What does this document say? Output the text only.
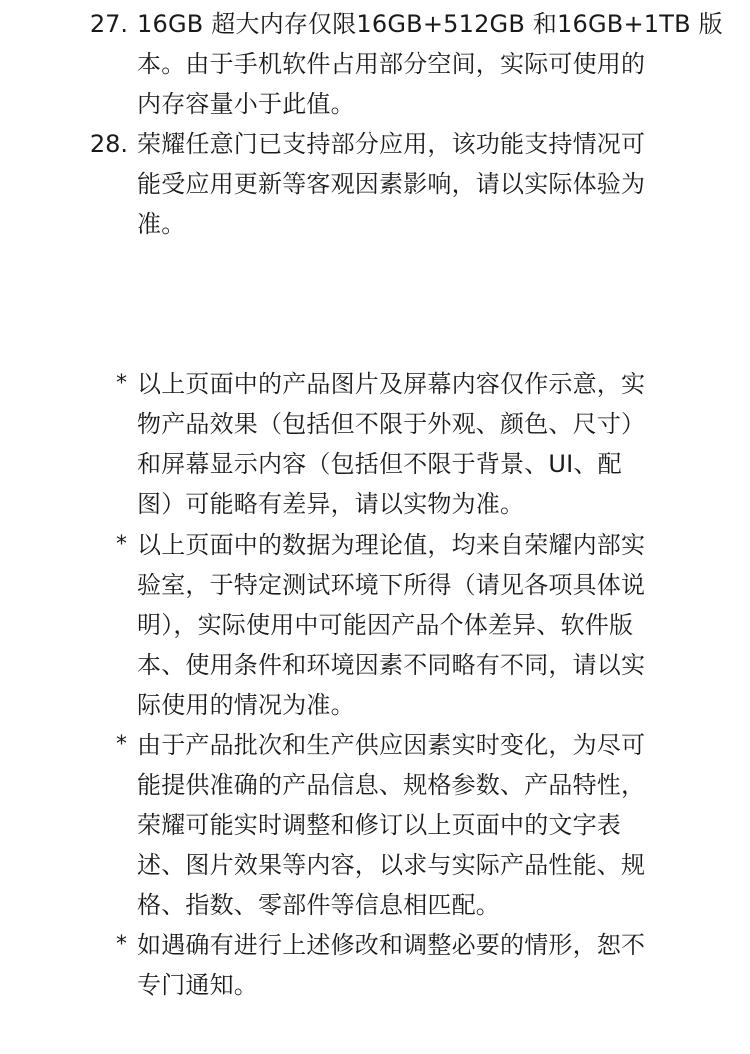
27. 16GB 超大内存仅限16GB+512GB 和16GB+1TB 版
本。由于手机软件占用部分空间，实际可使用的
内存容量小于此值。
28. 荣耀任意门已支持部分应用，该功能支持情况可
能受应用更新等客观因素影响，请以实际体验为
准。
* 以上页面中的产品图片及屏幕内容仅作示意，实
物产品效果（包括但不限于外观、颜色、尺寸）
和屏幕显示内容（包括但不限于背景、UI、配
图）可能略有差异，请以实物为准。
* 以上页面中的数据为理论值，均来自荣耀内部实
验室，于特定测试环境下所得（请见各项具体说
明），实际使用中可能因产品个体差异、软件版
本、使用条件和环境因素不同略有不同，请以实
际使用的情况为准。
* 由于产品批次和生产供应因素实时变化，为尽可
能提供准确的产品信息、规格参数、产品特性，
荣耀可能实时调整和修订以上页面中的文字表
述、图片效果等内容，以求与实际产品性能、规
格、指数、零部件等信息相匹配。
* 如遇确有进行上述修改和调整必要的情形，恕不
专门通知。
